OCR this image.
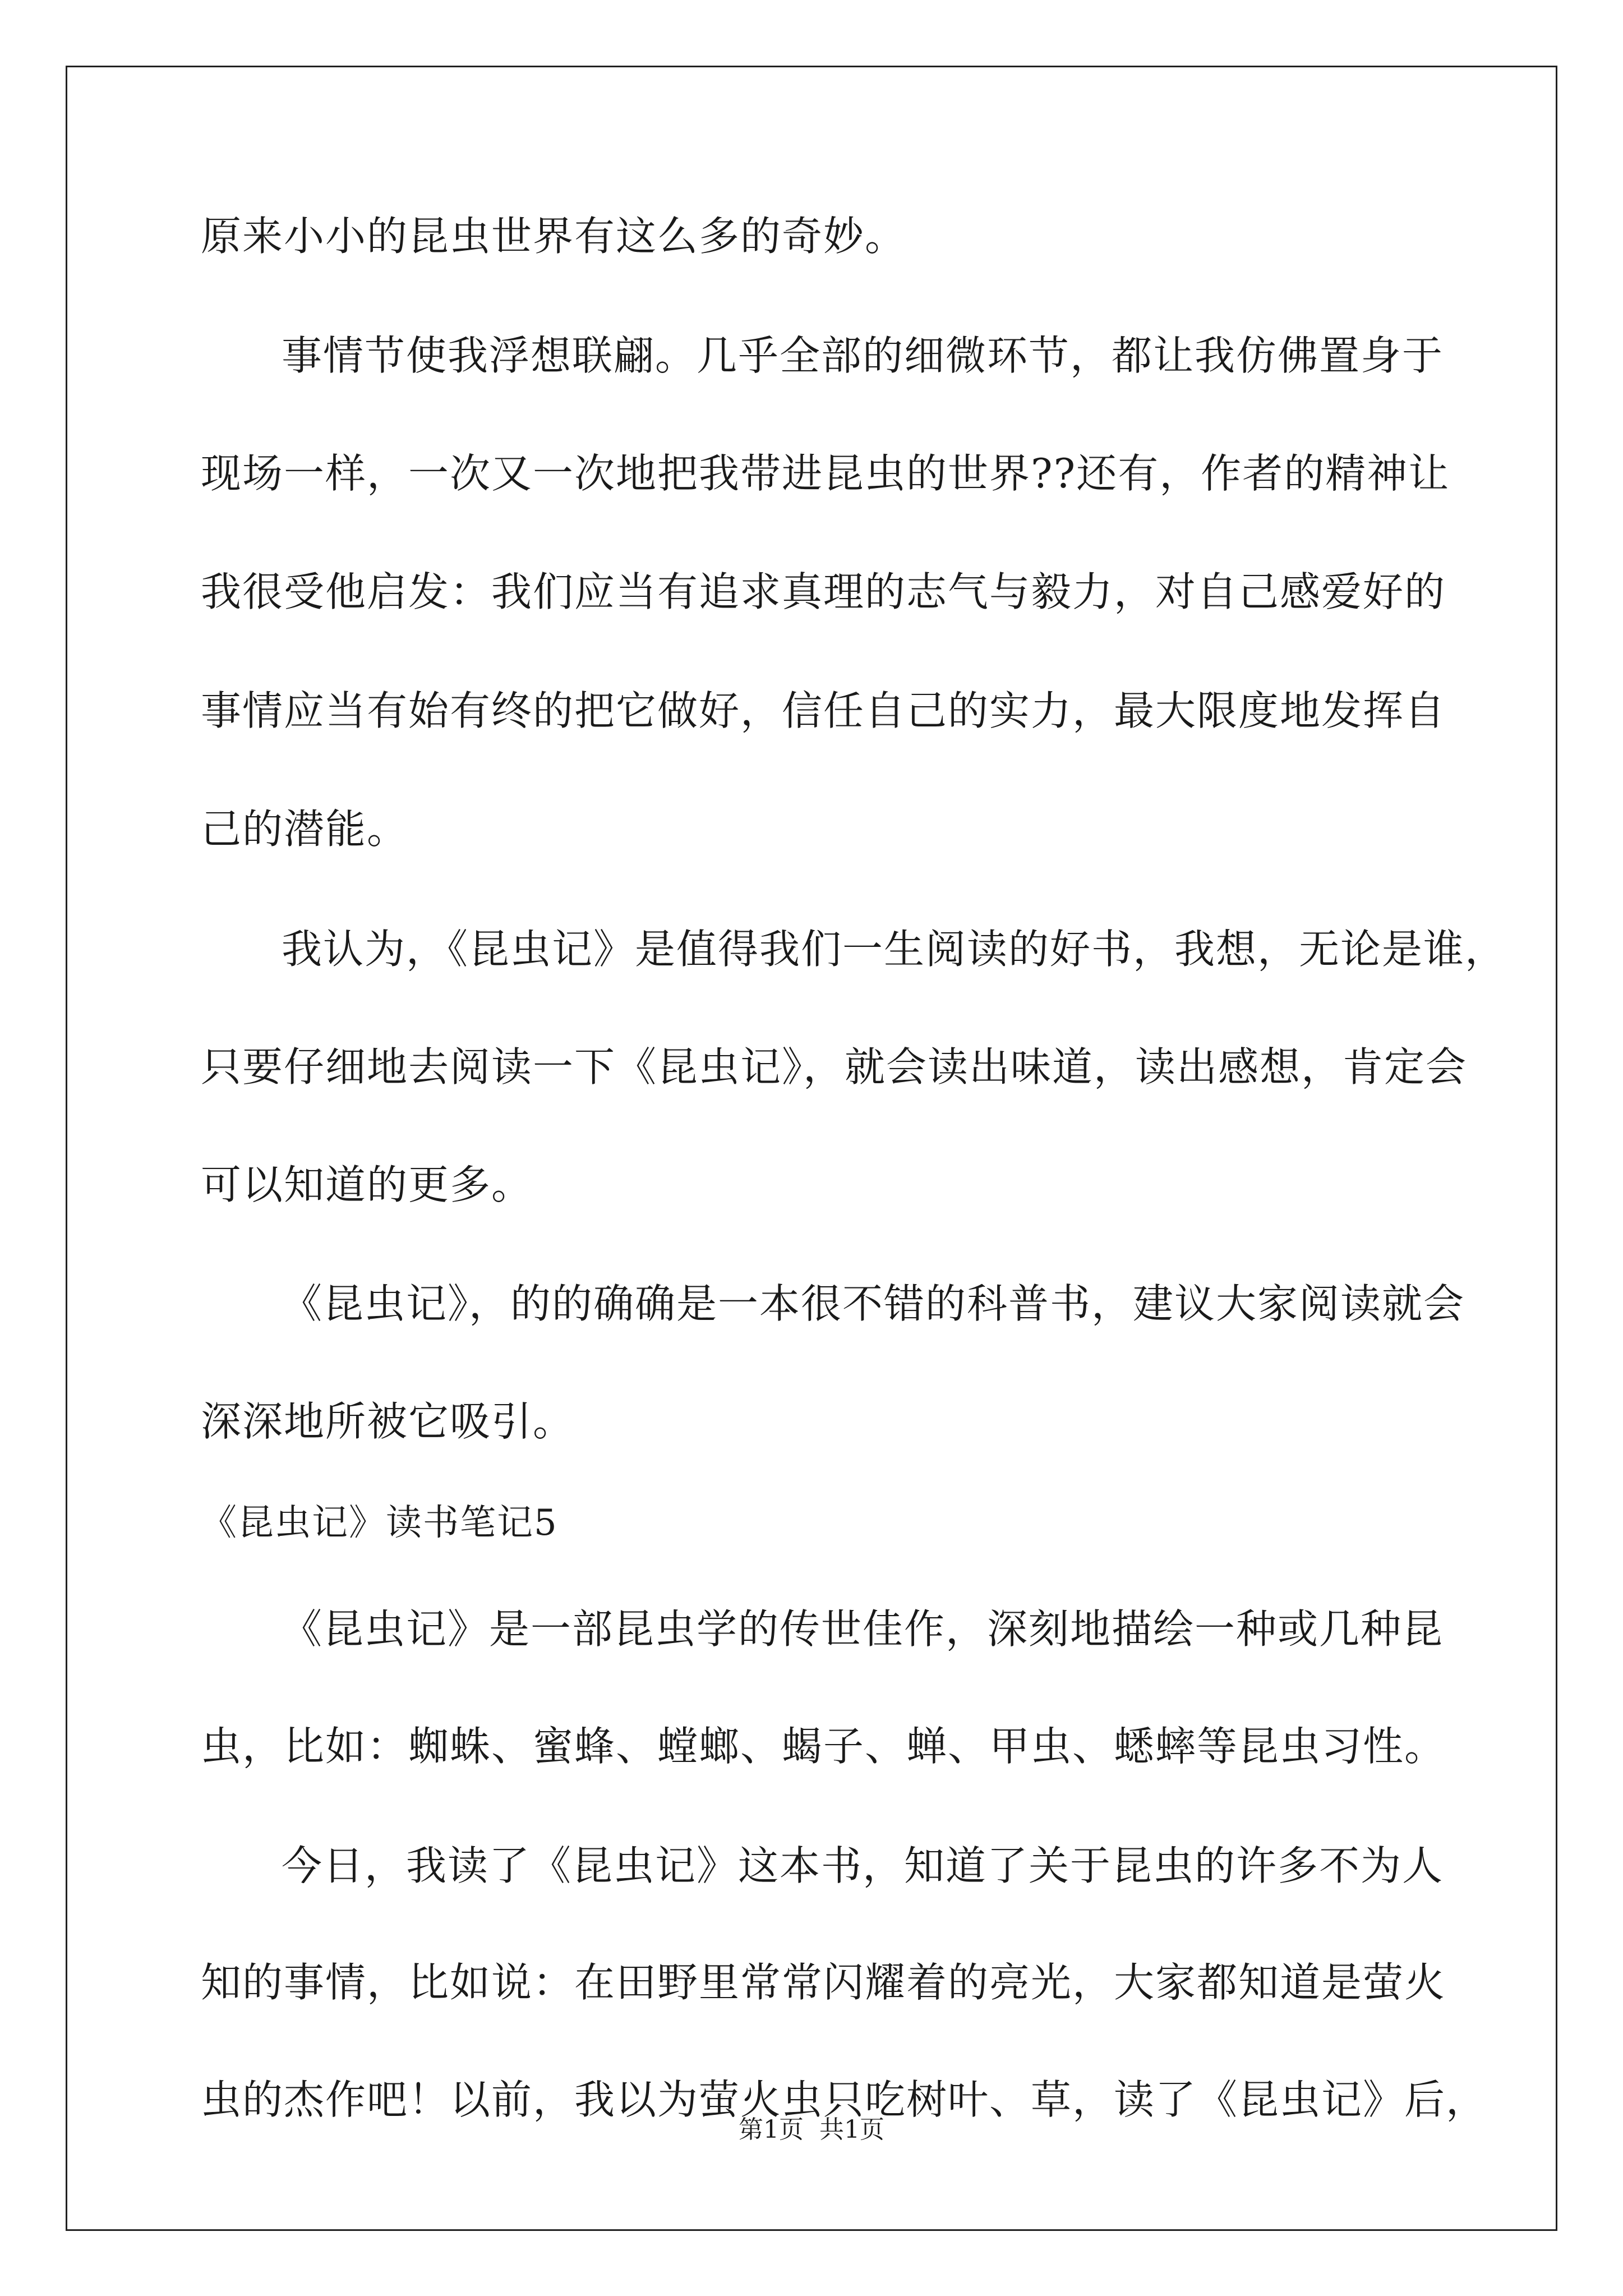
原来小小的昆虫世界有这么多的奇妙。
事情节使我浮想联翩。几乎全部的细微环节，都让我仿佛置身于
现场一样，一次又一次地把我带进昆虫的世界??还有，作者的精神让
我很受他启发：我们应当有追求真理的志气与毅力，对自己感爱好的
事情应当有始有终的把它做好，信任自己的实力，最大限度地发挥自
己的潜能。
我认为，《昆虫记》是值得我们一生阅读的好书，我想，无论是谁，
只要仔细地去阅读一下《昆虫记》，就会读出味道，读出感想，肯定会
可以知道的更多。
《昆虫记》，的的确确是一本很不错的科普书，建议大家阅读就会
深深地所被它吸引。
《昆虫记》读书笔记5
《昆虫记》是一部昆虫学的传世佳作，深刻地描绘一种或几种昆
虫，比如：蜘蛛、蜜蜂、螳螂、蝎子、蝉、甲虫、蟋蟀等昆虫习性。
今日，我读了《昆虫记》这本书，知道了关于昆虫的许多不为人
知的事情，比如说：在田野里常常闪耀着的亮光，大家都知道是萤火
虫的杰作吧！以前，我以为萤火虫只吃树叶、草，读了《昆虫记》后，
第1页  共1页
